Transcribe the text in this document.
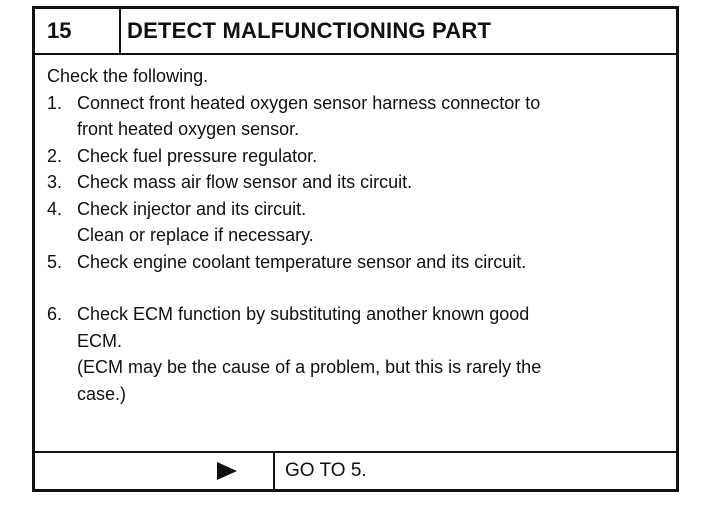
15	DETECT MALFUNCTIONING PART
Check the following.
1. Connect front heated oxygen sensor harness connector to
front heated oxygen sensor.
2. Check fuel pressure regulator.
3. Check mass air flow sensor and its circuit.
4. Check injector and its circuit.
Clean or replace if necessary.
5. Check engine coolant temperature sensor and its circuit.
6. Check ECM function by substituting another known good
ECM.
(ECM may be the cause of a problem, but this is rarely the
case.)
GO TO 5.
